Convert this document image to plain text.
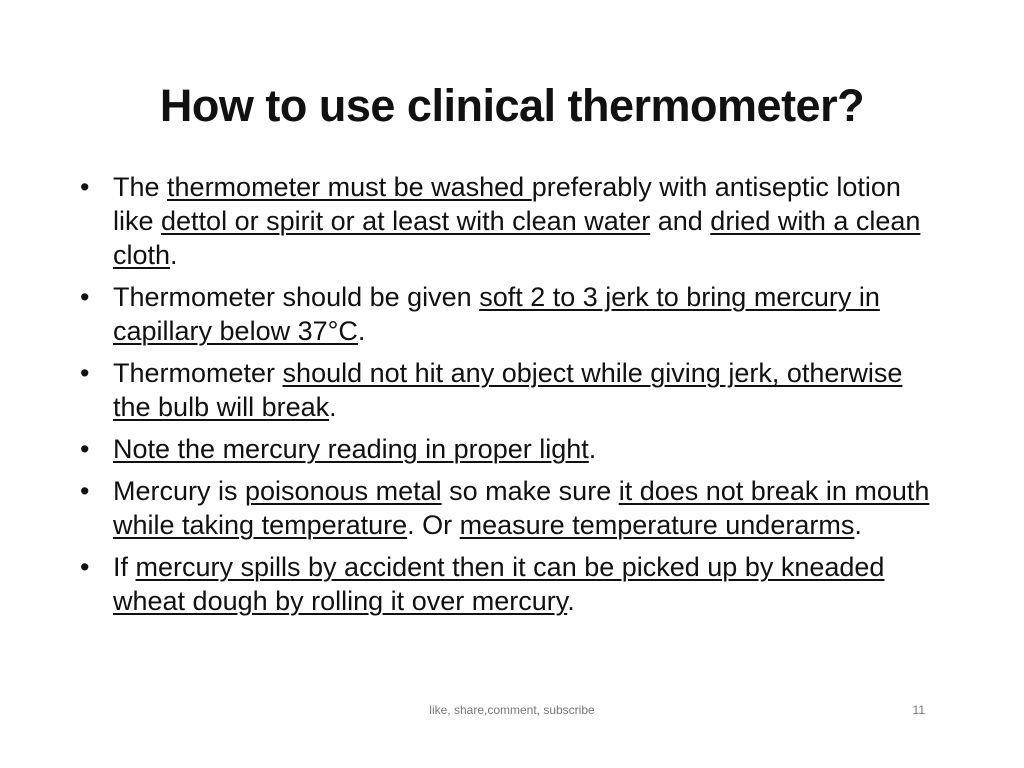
How to use clinical thermometer?
• The thermometer must be washed preferably with antiseptic lotion like dettol or spirit or at least with clean water and dried with a clean cloth.
• Thermometer should be given soft 2 to 3 jerk to bring mercury in capillary below 37°C.
• Thermometer should not hit any object while giving jerk, otherwise the bulb will break.
• Note the mercury reading in proper light.
• Mercury is poisonous metal so make sure it does not break in mouth while taking temperature. Or measure temperature underarms.
• If mercury spills by accident then it can be picked up by kneaded wheat dough by rolling it over mercury.
like, share,comment, subscribe	11
